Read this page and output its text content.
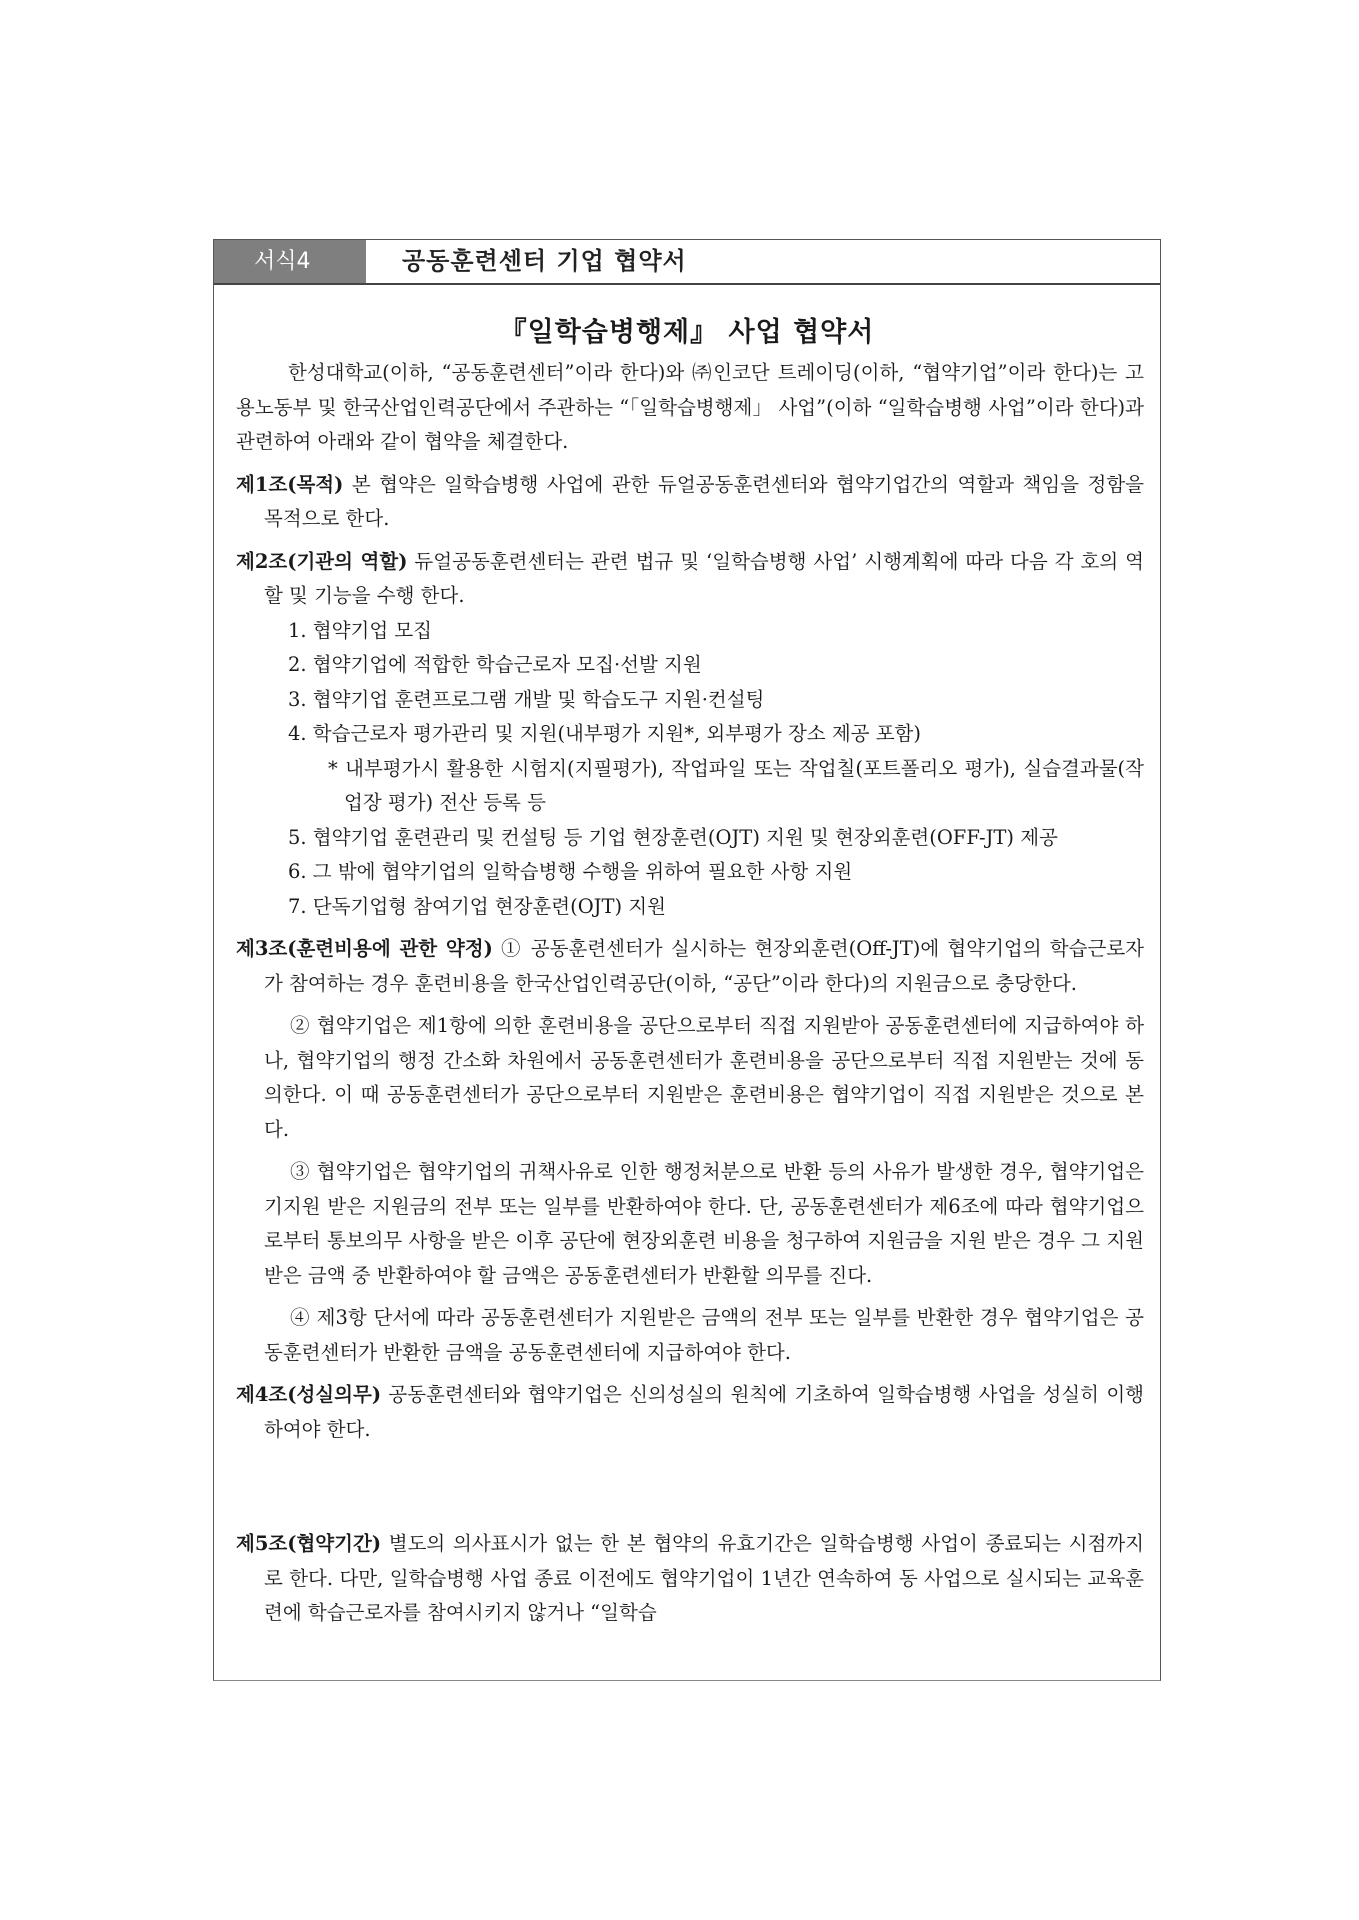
서식4	공동훈련센터 기업 협약서
『일학습병행제』 사업 협약서

한성대학교(이하, “공동훈련센터”이라 한다)와 ㈜인코단 트레이딩(이하, “협약기업”이라 한다)는 고용노동부 및 한국산업인력공단에서 주관하는 “「일학습병행제」 사업”(이하 “일학습병행 사업”이라 한다)과 관련하여 아래와 같이 협약을 체결한다.

제1조(목적) 본 협약은 일학습병행 사업에 관한 듀얼공동훈련센터와 협약기업간의 역할과 책임을 정함을 목적으로 한다.

제2조(기관의 역할) 듀얼공동훈련센터는 관련 법규 및 ‘일학습병행 사업’ 시행계획에 따라 다음 각 호의 역할 및 기능을 수행 한다.

1. 협약기업 모집

2. 협약기업에 적합한 학습근로자 모집·선발 지원

3. 협약기업 훈련프로그램 개발 및 학습도구 지원·컨설팅

4. 학습근로자 평가관리 및 지원(내부평가 지원*, 외부평가 장소 제공 포함)

* 내부평가시 활용한 시험지(지필평가), 작업파일 또는 작업칠(포트폴리오 평가), 실습결과물(작업장 평가) 전산 등록 등

5. 협약기업 훈련관리 및 컨설팅 등 기업 현장훈련(OJT) 지원 및 현장외훈련(OFF-JT) 제공

6. 그 밖에 협약기업의 일학습병행 수행을 위하여 필요한 사항 지원

7. 단독기업형 참여기업 현장훈련(OJT) 지원

제3조(훈련비용에 관한 약정) ① 공동훈련센터가 실시하는 현장외훈련(Off-JT)에 협약기업의 학습근로자가 참여하는 경우 훈련비용을 한국산업인력공단(이하, “공단”이라 한다)의 지원금으로 충당한다.

② 협약기업은 제1항에 의한 훈련비용을 공단으로부터 직접 지원받아 공동훈련센터에 지급하여야 하나, 협약기업의 행정 간소화 차원에서 공동훈련센터가 훈련비용을 공단으로부터 직접 지원받는 것에 동의한다. 이 때 공동훈련센터가 공단으로부터 지원받은 훈련비용은 협약기업이 직접 지원받은 것으로 본다.

③ 협약기업은 협약기업의 귀책사유로 인한 행정처분으로 반환 등의 사유가 발생한 경우, 협약기업은 기지원 받은 지원금의 전부 또는 일부를 반환하여야 한다. 단, 공동훈련센터가 제6조에 따라 협약기업으로부터 통보의무 사항을 받은 이후 공단에 현장외훈련 비용을 청구하여 지원금을 지원 받은 경우 그 지원 받은 금액 중 반환하여야 할 금액은 공동훈련센터가 반환할 의무를 진다.

④ 제3항 단서에 따라 공동훈련센터가 지원받은 금액의 전부 또는 일부를 반환한 경우 협약기업은 공동훈련센터가 반환한 금액을 공동훈련센터에 지급하여야 한다.

제4조(성실의무) 공동훈련센터와 협약기업은 신의성실의 원칙에 기초하여 일학습병행 사업을 성실히 이행하여야 한다.

제5조(협약기간) 별도의 의사표시가 없는 한 본 협약의 유효기간은 일학습병행 사업이 종료되는 시점까지로 한다. 다만, 일학습병행 사업 종료 이전에도 협약기업이 1년간 연속하여 동 사업으로 실시되는 교육훈련에 학습근로자를 참여시키지 않거나 “일학습
